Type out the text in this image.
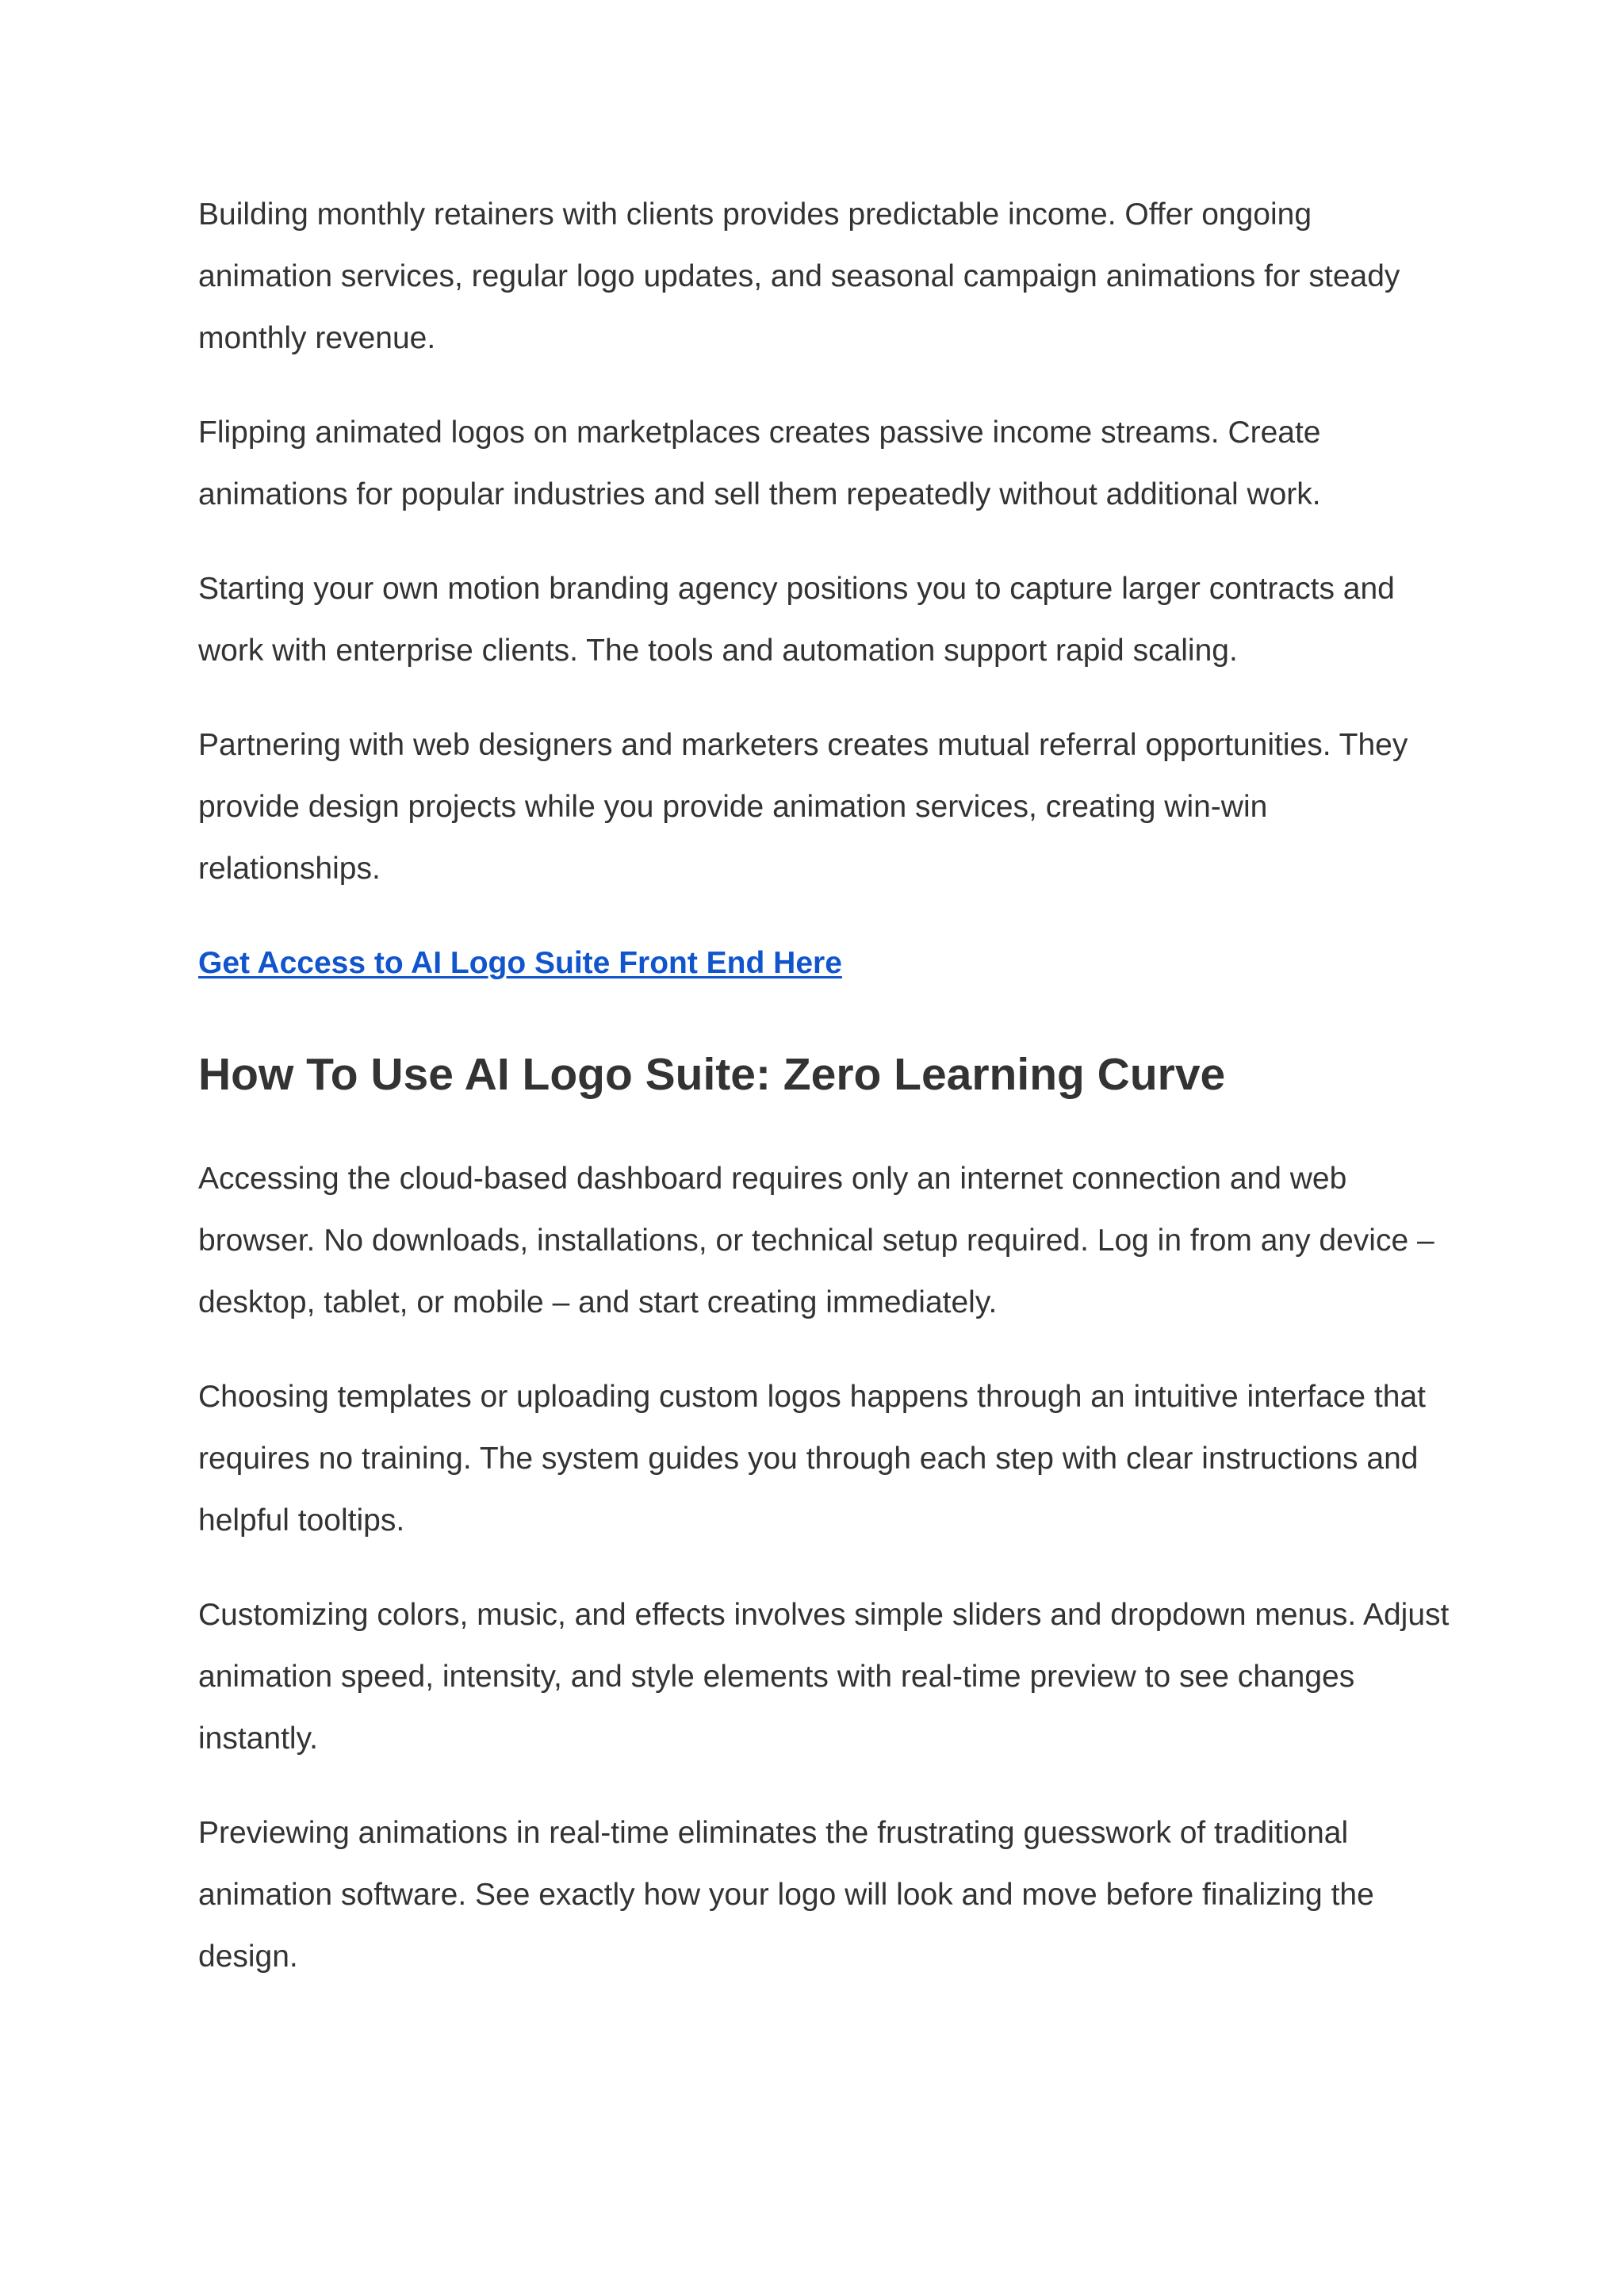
Building monthly retainers with clients provides predictable income. Offer ongoing animation services, regular logo updates, and seasonal campaign animations for steady monthly revenue.

Flipping animated logos on marketplaces creates passive income streams. Create animations for popular industries and sell them repeatedly without additional work.

Starting your own motion branding agency positions you to capture larger contracts and work with enterprise clients. The tools and automation support rapid scaling.

Partnering with web designers and marketers creates mutual referral opportunities. They provide design projects while you provide animation services, creating win-win relationships.

Get Access to AI Logo Suite Front End Here

How To Use AI Logo Suite: Zero Learning Curve

Accessing the cloud-based dashboard requires only an internet connection and web browser. No downloads, installations, or technical setup required. Log in from any device – desktop, tablet, or mobile – and start creating immediately.

Choosing templates or uploading custom logos happens through an intuitive interface that requires no training. The system guides you through each step with clear instructions and helpful tooltips.

Customizing colors, music, and effects involves simple sliders and dropdown menus. Adjust animation speed, intensity, and style elements with real-time preview to see changes instantly.

Previewing animations in real-time eliminates the frustrating guesswork of traditional animation software. See exactly how your logo will look and move before finalizing the design.
